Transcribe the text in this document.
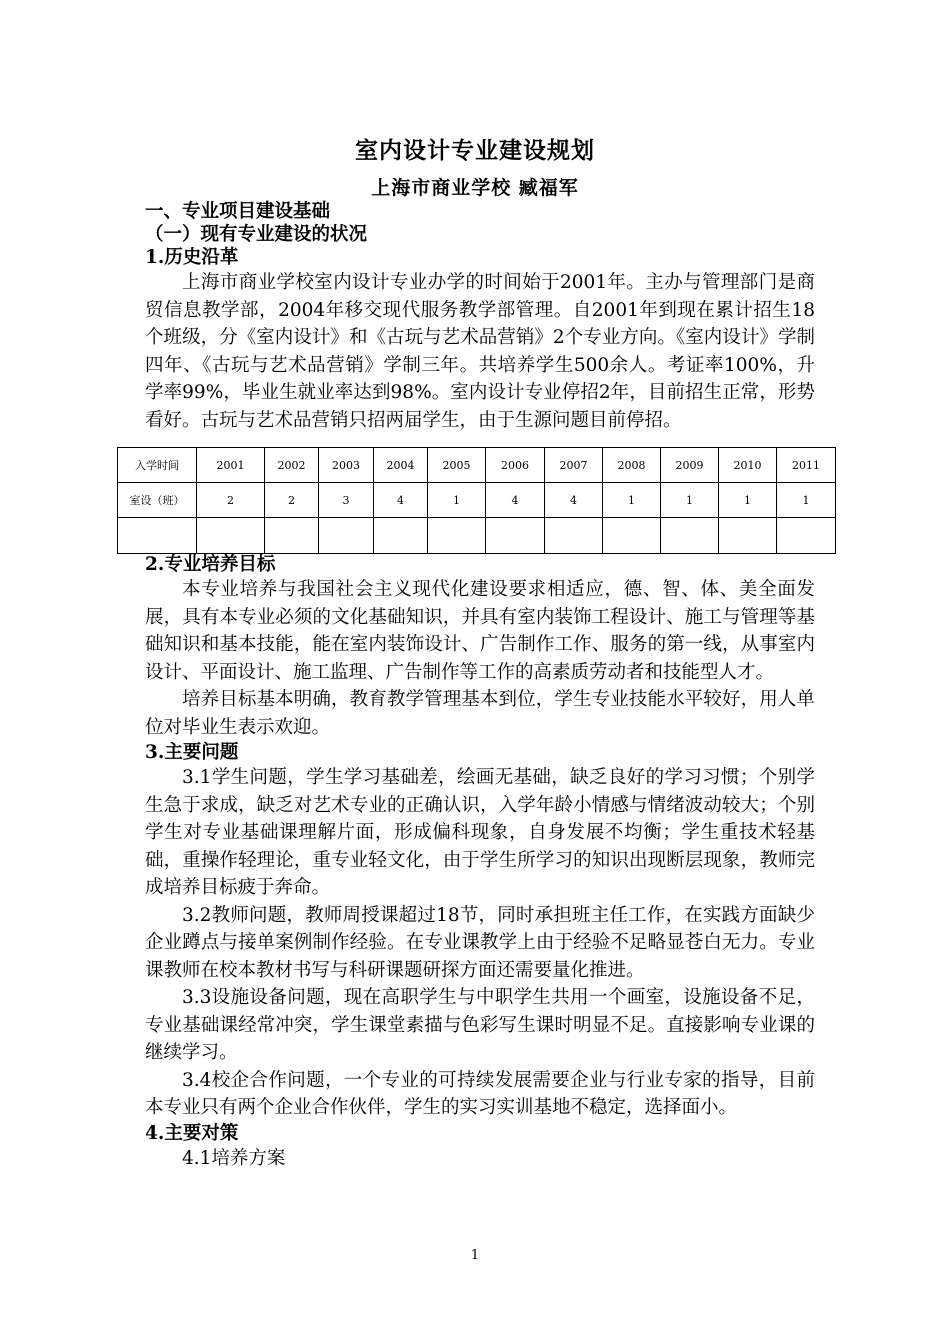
室内设计专业建设规划
上海市商业学校 臧福军

一、专业项目建设基础

（一）现有专业建设的状况

1.历史沿革

上海市商业学校室内设计专业办学的时间始于2001年。主办与管理部门是商贸信息教学部，2004年移交现代服务教学部管理。自2001年到现在累计招生18个班级，分《室内设计》和《古玩与艺术品营销》2个专业方向。《室内设计》学制四年、《古玩与艺术品营销》学制三年。共培养学生500余人。考证率100%，升学率99%，毕业生就业率达到98%。室内设计专业停招2年，目前招生正常，形势看好。古玩与艺术品营销只招两届学生，由于生源问题目前停招。

入学时间	2001	2002	2003	2004	2005	2006	2007	2008	2009	2010	2011
室设（班）	2	2	3	4	1	4	4	1	1	1	1

2.专业培养目标

本专业培养与我国社会主义现代化建设要求相适应，德、智、体、美全面发展，具有本专业必须的文化基础知识，并具有室内装饰工程设计、施工与管理等基础知识和基本技能，能在室内装饰设计、广告制作工作、服务的第一线，从事室内设计、平面设计、施工监理、广告制作等工作的高素质劳动者和技能型人才。

培养目标基本明确，教育教学管理基本到位，学生专业技能水平较好，用人单位对毕业生表示欢迎。

3.主要问题

3.1学生问题，学生学习基础差，绘画无基础，缺乏良好的学习习惯；个别学生急于求成，缺乏对艺术专业的正确认识，入学年龄小情感与情绪波动较大；个别学生对专业基础课理解片面，形成偏科现象，自身发展不均衡；学生重技术轻基础，重操作轻理论，重专业轻文化，由于学生所学习的知识出现断层现象，教师完成培养目标疲于奔命。

3.2教师问题，教师周授课超过18节，同时承担班主任工作，在实践方面缺少企业蹲点与接单案例制作经验。在专业课教学上由于经验不足略显苍白无力。专业课教师在校本教材书写与科研课题研探方面还需要量化推进。

3.3设施设备问题，现在高职学生与中职学生共用一个画室，设施设备不足，专业基础课经常冲突，学生课堂素描与色彩写生课时明显不足。直接影响专业课的继续学习。

3.4校企合作问题，一个专业的可持续发展需要企业与行业专家的指导，目前本专业只有两个企业合作伙伴，学生的实习实训基地不稳定，选择面小。

4.主要对策

4.1培养方案

1
